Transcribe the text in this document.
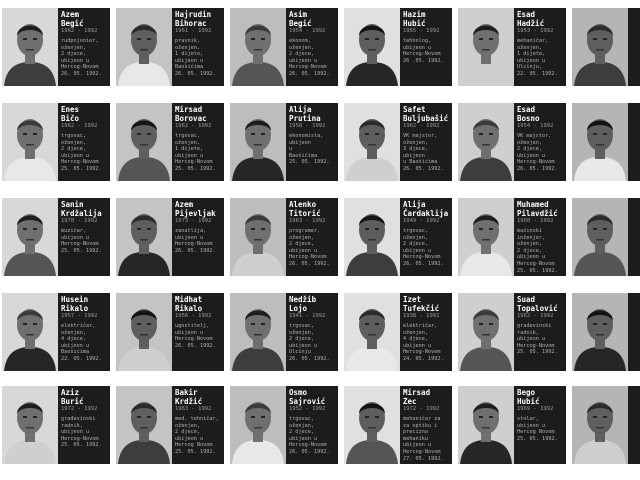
Azem
Begić
1962 - 1992
rudpnjonier,
oženjen,
2 djece,
ubijeon u
Hercog-Novom
26. 05. 1992.
Hajrudin
Bihorac
1961 - 1992
pravnik,
oženjen,
1 dijete,
ubijeon u
Baošićima
26. 05. 1992.
Asim
Begić
1954 - 1992
ekonom,
oženjen,
2 djece,
ubijeon u
Hercog-Novom
26. 05. 1992.
Hazim
Hubić
1965 - 1992
tehnolog,
ubijeon u
Hercog-Novom
26 .05. 1992.
Esad
Hadžić
1953 - 1992
mehaničar,
oženjen,
1 dijete,
ubijeon u
Ulcinju,
22. 05. 1992.
Enes
Bičo
1962 - 1992
trgovac,
oženjen,
2 djece,
ubijeon u
Hercog-Novom
25. 05. 1992.
Mirsad
Borovac
1962 - 1992
trgovac,
oženjen,
1 dijete,
ubijeon u
Hercog-Novom
25. 05. 1992.
Alija
Prutina
1950 - 1992
ekonomista,
ubijeon
u
Baošićima
25. 05. 1992.
Safet
Buljubašić
1962 - 1992
VK majstor,
oženjen,
3 djece,
ubijeon
u Baošićima
26. 05. 1992.
Esad
Bosno
1954 - 1992
VK majstor,
oženjen,
2 djece,
ubijeon u
Hercog-Novom
26. 05. 1992.
Sanin
Krdžalija
1970 - 1992
muzičar,
ubijeon u
Hercog-Novom
25. 05. 1992.
Azem
Pijevljak
1973 - 1992
zanatlija,
ubijeon u
Hercog-Novom
26. 05. 1992.
Alenko
Titorić
1963 - 1992
programer,
oženjen,
2 djece,
ubijeon u
Hercog-Novom
26. 05. 1992.
Alija
Čardaklija
1949 - 1992
trgovac,
oženjen,
2 djece,
ubijeon u
Hercog-Novom
26. 05. 1992.
Muhamed
Pilavdžić
1960 - 1992
mašinski
inženjer,
oženjen,
2 djece,
ubijeon u
Hercog-Novom
25. 05. 1992.
Husein
Rikalo
1957 - 1992
električar,
oženjen,
4 djece,
ubijeon u
Baošićima
22. 05. 1992.
Midhat
Rikalo
1956 - 1992
ugostitelj,
ubijeon u
Hercog-Novom
26. 05. 1992.
Nedžib
Lojo
1941 - 1992
trgovac,
oženjen,
2 djece,
ubijeon u
Ulcinju
26. 05. 1992.
Izet
Tufekčić
1938 - 1992
električar,
oženjen,
4 djece,
ubijeon u
Hercog-Novom
24. 05. 1992.
Suad
Topalović
1962 - 1992
građevinski
radnik,
ubijeon u
Hercog-Novom
25. 05. 1992.
Aziz
Burić
1972 - 1992
građevinski
radnik,
ubijeon u
Hercog-Novom
25. 05. 1992.
Bakir
Krdžić
1963 - 1992
med. tehničar,
oženjen,
2 djece,
ubijeon u
Hercog Novom
25. 05. 1992.
Osmo
Sajrović
1952 - 1992
trgovac,
oženjen,
2 djece,
ubijeon u
Hercog-Novom
26. 05. 1992.
Mirsad
Zec
1972 - 1992
mehaničar za
za optiku i
precizna mehaniku
ubijeon u
Hercog-Novom
27. 05. 1992.
Bego
Hubić
1969 - 1992
stolar,
ubijeon u
Hercog Novom
25. 05. 1992.
